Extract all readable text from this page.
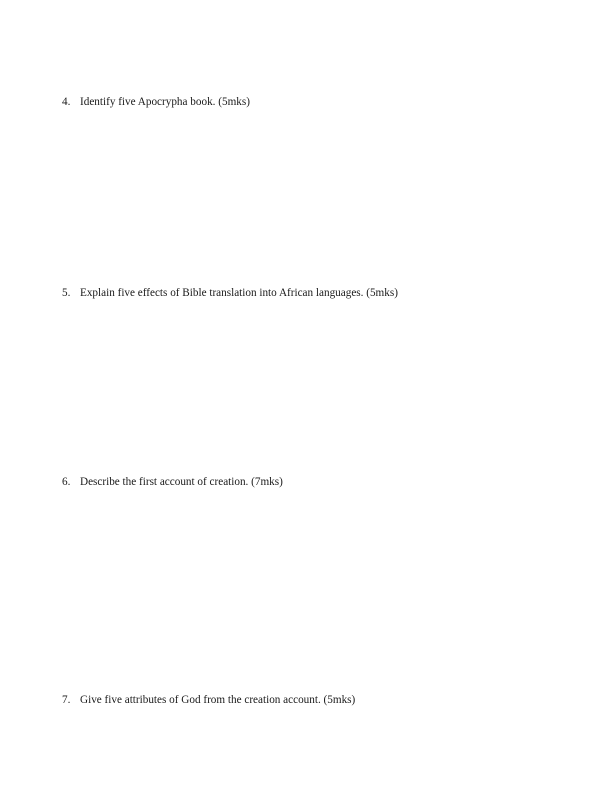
4. Identify five Apocrypha book. (5mks)
5. Explain five effects of Bible translation into African languages. (5mks)
6. Describe the first account of creation. (7mks)
7. Give five attributes of God from the creation account. (5mks)
